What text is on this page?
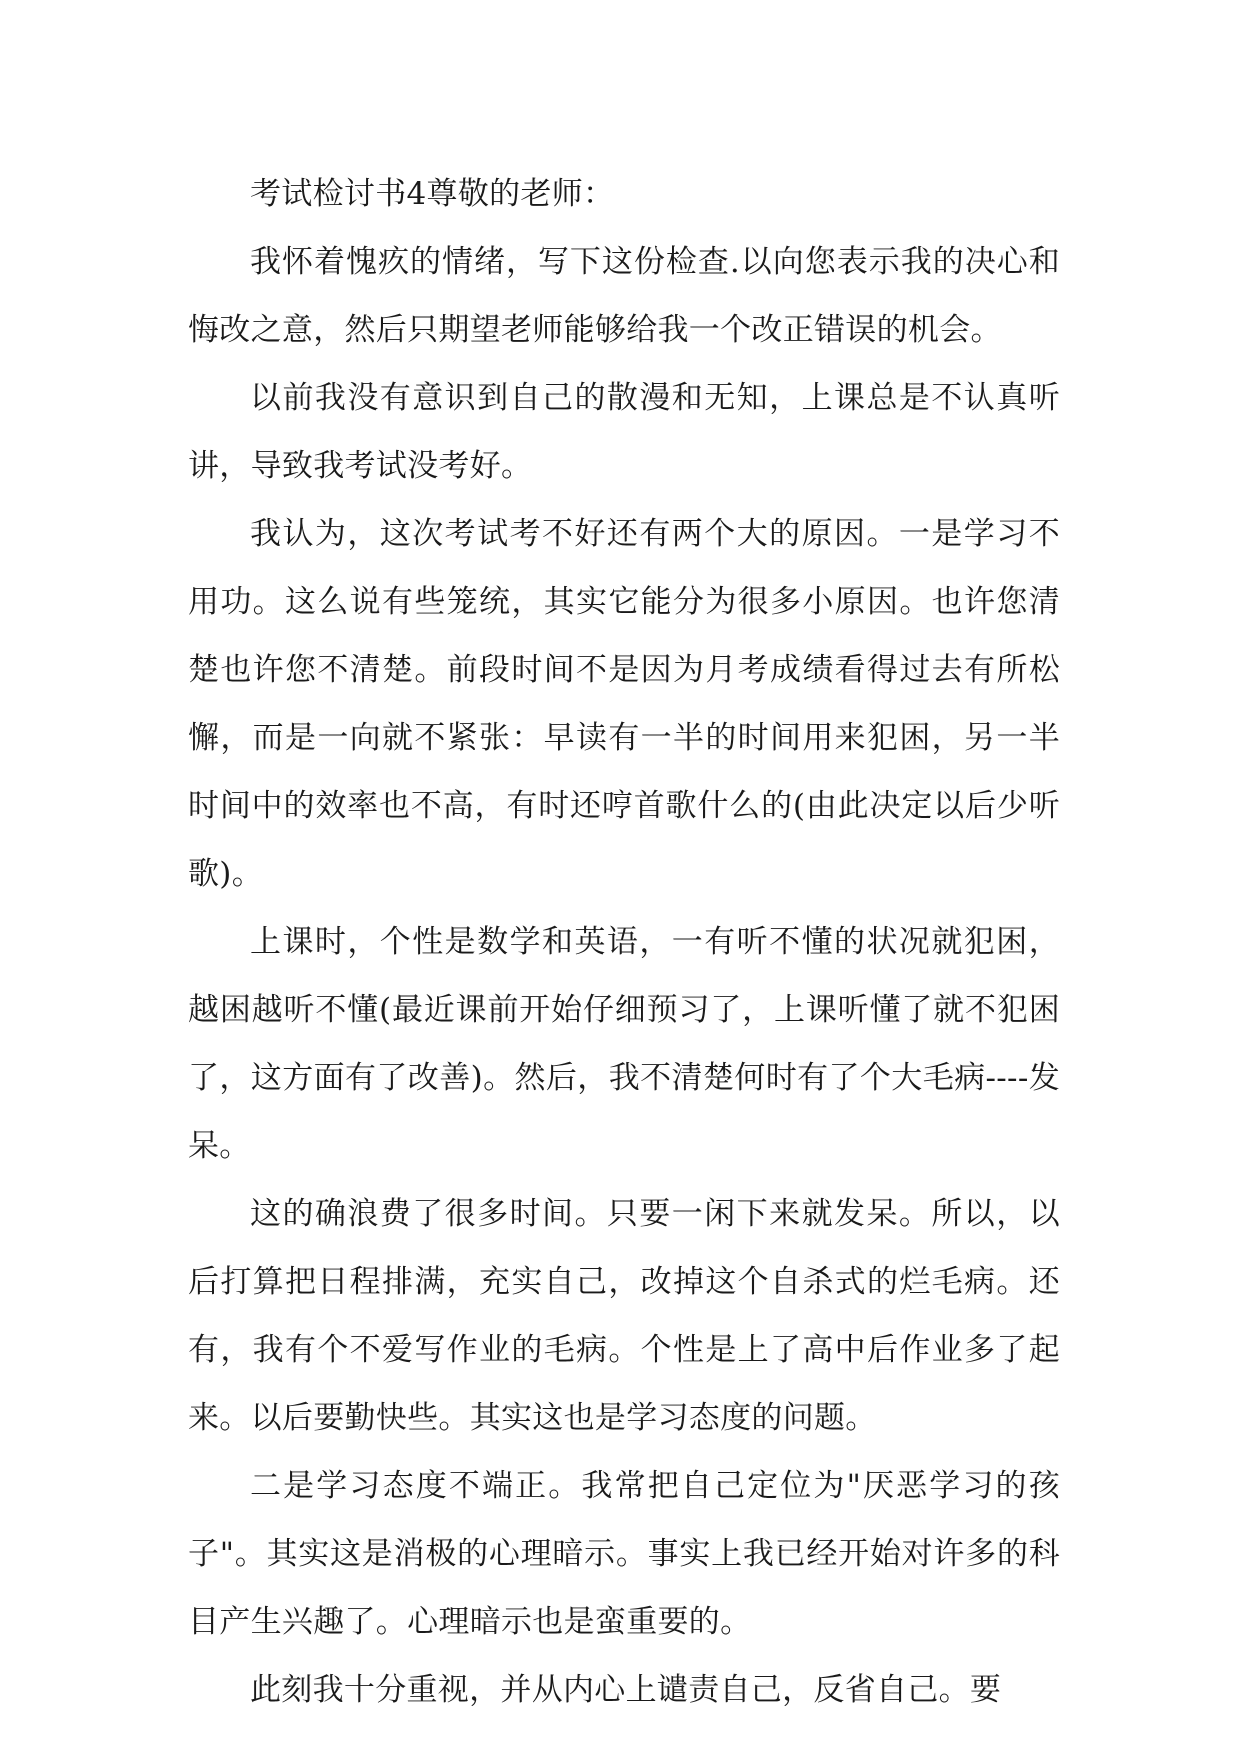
考试检讨书4尊敬的老师：

我怀着愧疚的情绪，写下这份检查.以向您表示我的决心和悔改之意，然后只期望老师能够给我一个改正错误的机会。

以前我没有意识到自己的散漫和无知，上课总是不认真听讲，导致我考试没考好。

我认为，这次考试考不好还有两个大的原因。一是学习不用功。这么说有些笼统，其实它能分为很多小原因。也许您清楚也许您不清楚。前段时间不是因为月考成绩看得过去有所松懈，而是一向就不紧张：早读有一半的时间用来犯困，另一半时间中的效率也不高，有时还哼首歌什么的(由此决定以后少听歌)。

上课时，个性是数学和英语，一有听不懂的状况就犯困，越困越听不懂(最近课前开始仔细预习了，上课听懂了就不犯困了，这方面有了改善)。然后，我不清楚何时有了个大毛病----发呆。

这的确浪费了很多时间。只要一闲下来就发呆。所以，以后打算把日程排满，充实自己，改掉这个自杀式的烂毛病。还有，我有个不爱写作业的毛病。个性是上了高中后作业多了起来。以后要勤快些。其实这也是学习态度的问题。

二是学习态度不端正。我常把自己定位为"厌恶学习的孩子"。其实这是消极的心理暗示。事实上我已经开始对许多的科目产生兴趣了。心理暗示也是蛮重要的。

此刻我十分重视，并从内心上谴责自己，反省自己。要
